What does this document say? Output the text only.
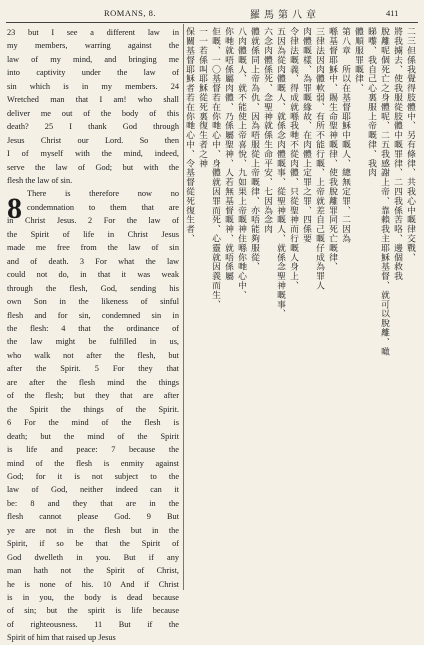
ROMANS, 8.	羅馬第八章	411
8
23 but I see a different law in
my members, warring against the
law of my mind, and bringing me
into captivity under the law of
sin which is in my members. 24
Wretched man that I am! who shall
deliver me out of the body of this
death? 25 I thank God through
Jesus Christ our Lord. So then
I of myself with the mind, indeed,
serve the law of God; but with the
flesh the law of sin.
There is therefore now no
condemnation to them that are
in Christ Jesus. 2 For the law of
the Spirit of life in Christ Jesus
made me free from the law of sin
and of death. 3 For what the law
could not do, in that it was weak
through the flesh, God, sending his
own Son in the likeness of sinful
flesh and for sin, condemned sin in
the flesh: 4 that the ordinance of
the law might be fulfilled in us,
who walk not after the flesh, but
after the Spirit. 5 For they that
are after the flesh mind the things
of the flesh; but they that are after
the Spirit the things of the Spirit.
6 For the mind of the flesh is
death; but the mind of the Spirit
is life and peace: 7 because the
mind of the flesh is enmity against
God; for it is not subject to the
law of God, neither indeed can it
be: 8 and they that are in the
flesh cannot please God. 9 But
ye are not in the flesh but in the
Spirit, if so be that the Spirit of
God dwelleth in you. But if any
man hath not the Spirit of Christ,
he is none of his. 10 And if Christ
is in you, the body is dead because
of sin; but the spirit is life because
of righteousness. 11 But if the
Spirit of him that raised up Jesus
二三但係我覺得肢體中、另有條律、共我心中嘅律交戰、
將我擄去、使我服從肢體中嘅罪律、二四我係苦咯、邊個救我
脫離呢個死亡之身體呢、二五我感謝上帝、靠賴我主耶穌基督、就可以脫離、噉
睇嚟、我自己心裏服上帝嘅律、我肉
體順服罪嘅律、
第八章　所以在基督耶穌中嘅人、總無定罪、二因為
喺基督耶穌中、賜生命聖神嘅律、使我脫離罪同死亡嘅律、
三律法因肉體軟弱、有所不能行嘅、上帝就差自己嘅仔成為罪人
肉體嘅樣、為罪嘅緣故、在肉體上定罪之罪、四係要
令律法嘅義、得成就喺我哋不從肉體、只從聖神而行嘅人身上、
五因為從肉體嘅人、就係念肉體嘅事、從聖神嘅人、就係念聖神嘅事、
六念肉體係死、念聖神就係生命平安、七因為念肉
體就係同上帝為仇、因為唔服從上帝嘅律、亦唔能夠服從、
八肉體嘅人、就不能使上帝喜悅、九如果上帝嘅神住喺你哋心中、
你哋就唔係屬肉體、乃係屬聖神、人若無基督嘅神、就唔係屬
佢嘅、一〇基督若在你哋心中、身體就因罪而死、心靈就因義而生、
一一若係叫耶穌從死裏復生者之神
保關基督耶穌者若在你哋心中、令基督從死復生者、
